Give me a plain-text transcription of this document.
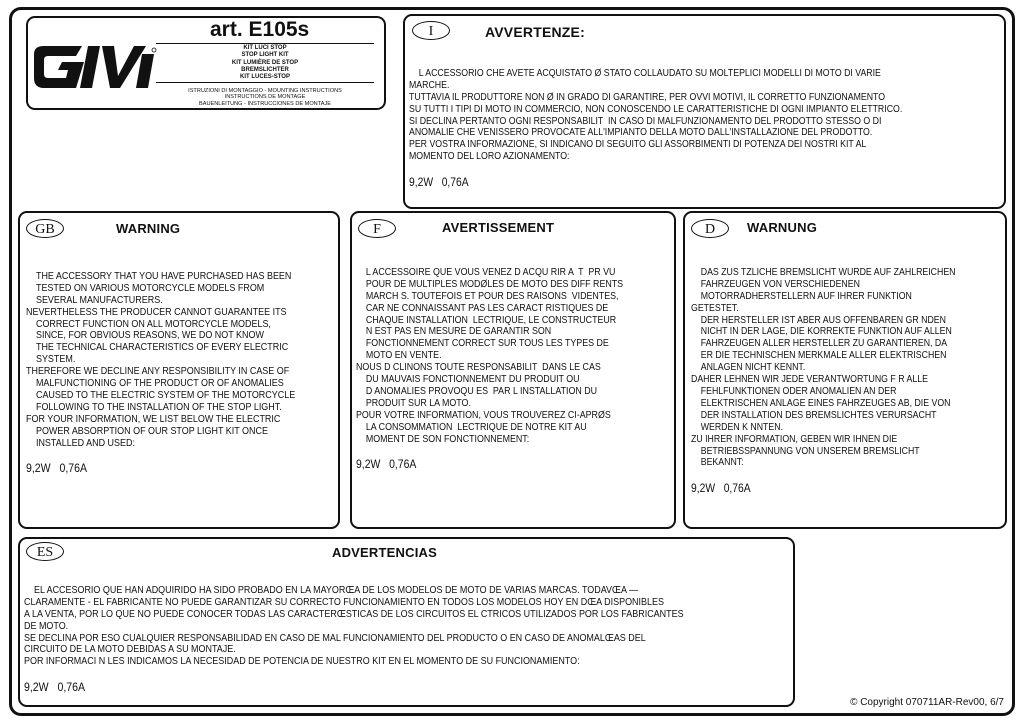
art. E105s
KIT LUCI STOP
STOP LIGHT KIT
KIT LUMIÈRE DE STOP
BREMSLICHTER
KIT LUCES-STOP
ISTRUZIONI DI MONTAGGIO - MOUNTING INSTRUCTIONS
INSTRUCTIONS DE MONTAGE
BAUENLEITUNG - INSTRUCCIONES DE MONTAJE
I	AVVERTENZE:

L ACCESSORIO CHE AVETE ACQUISTATO Ø STATO COLLAUDATO SU MOLTEPLICI MODELLI DI MOTO DI VARIE MARCHE.
TUTTAVIA IL PRODUTTORE NON Ø IN GRADO DI GARANTIRE, PER OVVI MOTIVI, IL CORRETTO FUNZIONAMENTO
SU TUTTI I TIPI DI MOTO IN COMMERCIO, NON CONOSCENDO LE CARATTERISTICHE DI OGNI IMPIANTO ELETTRICO.
SI DECLINA PERTANTO OGNI RESPONSABILIT  IN CASO DI MALFUNZIONAMENTO DEL PRODOTTO STESSO O DI
ANOMALIE CHE VENISSERO PROVOCATE ALL'IMPIANTO DELLA MOTO DALL'INSTALLAZIONE DEL PRODOTTO.
PER VOSTRA INFORMAZIONE, SI INDICANO DI SEGUITO GLI ASSORBIMENTI DI POTENZA DEI NOSTRI KIT AL
MOMENTO DEL LORO AZIONAMENTO:

9,2W   0,76A

GB	WARNING

THE ACCESSORY THAT YOU HAVE PURCHASED HAS BEEN
TESTED ON VARIOUS MOTORCYCLE MODELS FROM
SEVERAL MANUFACTURERS.
NEVERTHELESS THE PRODUCER CANNOT GUARANTEE ITS
CORRECT FUNCTION ON ALL MOTORCYCLE MODELS,
SINCE, FOR OBVIOUS REASONS, WE DO NOT KNOW
THE TECHNICAL CHARACTERISTICS OF EVERY ELECTRIC
SYSTEM.
THEREFORE WE DECLINE ANY RESPONSIBILITY IN CASE OF
MALFUNCTIONING OF THE PRODUCT OR OF ANOMALIES
CAUSED TO THE ELECTRIC SYSTEM OF THE MOTORCYCLE
FOLLOWING TO THE INSTALLATION OF THE STOP LIGHT.
FOR YOUR INFORMATION, WE LIST BELOW THE ELECTRIC
POWER ABSORPTION OF OUR STOP LIGHT KIT ONCE
INSTALLED AND USED:

9,2W   0,76A

F	AVERTISSEMENT

L ACCESSOIRE QUE VOUS VENEZ D ACQU RIR A  T  PR VU
POUR DE MULTIPLES MODØLES DE MOTO DES DIFF RENTS
MARCH S. TOUTEFOIS ET POUR DES RAISONS  VIDENTES,
CAR NE CONNAISSANT PAS LES CARACT RISTIQUES DE
CHAQUE INSTALLATION  LECTRIQUE, LE CONSTRUCTEUR
N EST PAS EN MESURE DE GARANTIR SON
FONCTIONNEMENT CORRECT SUR TOUS LES TYPES DE
MOTO EN VENTE.
NOUS D CLINONS TOUTE RESPONSABILIT  DANS LE CAS
DU MAUVAIS FONCTIONNEMENT DU PRODUIT OU
D ANOMALIES PROVOQU ES  PAR L INSTALLATION DU
PRODUIT SUR LA MOTO.
POUR VOTRE INFORMATION, VOUS TROUVEREZ CI-APRØS
LA CONSOMMATION  LECTRIQUE DE NOTRE KIT AU
MOMENT DE SON FONCTIONNEMENT:

9,2W   0,76A

D	WARNUNG

DAS ZUS TZLICHE BREMSLICHT WURDE AUF ZAHLREICHEN
FAHRZEUGEN VON VERSCHIEDENEN
MOTORRADHERSTELLERN AUF IHRER FUNKTION GETESTET.
DER HERSTELLER IST ABER AUS OFFENBAREN GR NDEN
NICHT IN DER LAGE, DIE KORREKTE FUNKTION AUF ALLEN
FAHRZEUGEN ALLER HERSTELLER ZU GARANTIEREN, DA
ER DIE TECHNISCHEN MERKMALE ALLER ELEKTRISCHEN
ANLAGEN NICHT KENNT.
DAHER LEHNEN WIR JEDE VERANTWORTUNG F R ALLE
FEHLFUNKTIONEN ODER ANOMALIEN AN DER
ELEKTRISCHEN ANLAGE EINES FAHRZEUGES AB, DIE VON
DER INSTALLATION DES BREMSLICHTES VERURSACHT
WERDEN K NNTEN.
ZU IHRER INFORMATION, GEBEN WIR IHNEN DIE
BETRIEBSSPANNUNG VON UNSEREM BREMSLICHT
BEKANNT:

9,2W   0,76A

ES	ADVERTENCIAS

EL ACCESORIO QUE HAN ADQUIRIDO HA SIDO PROBADO EN LA MAYORŒA DE LOS MODELOS DE MOTO DE VARIAS MARCAS. TODAVŒA —
CLARAMENTE - EL FABRICANTE NO PUEDE GARANTIZAR SU CORRECTO FUNCIONAMIENTO EN TODOS LOS MODELOS HOY EN DŒA DISPONIBLES
A LA VENTA, POR LO QUE NO PUEDE CONOCER TODAS LAS CARACTERŒSTICAS DE LOS CIRCUITOS EL CTRICOS UTILIZADOS POR LOS FABRICANTES
DE MOTO.
SE DECLINA POR ESO CUALQUIER RESPONSABILIDAD EN CASO DE MAL FUNCIONAMIENTO DEL PRODUCTO O EN CASO DE ANOMALŒAS DEL
CIRCUITO DE LA MOTO DEBIDAS A SU MONTAJE.
POR INFORMACI N LES INDICAMOS LA NECESIDAD DE POTENCIA DE NUESTRO KIT EN EL MOMENTO DE SU FUNCIONAMIENTO:

9,2W   0,76A

© Copyright 070711AR-Rev00, 6/7
